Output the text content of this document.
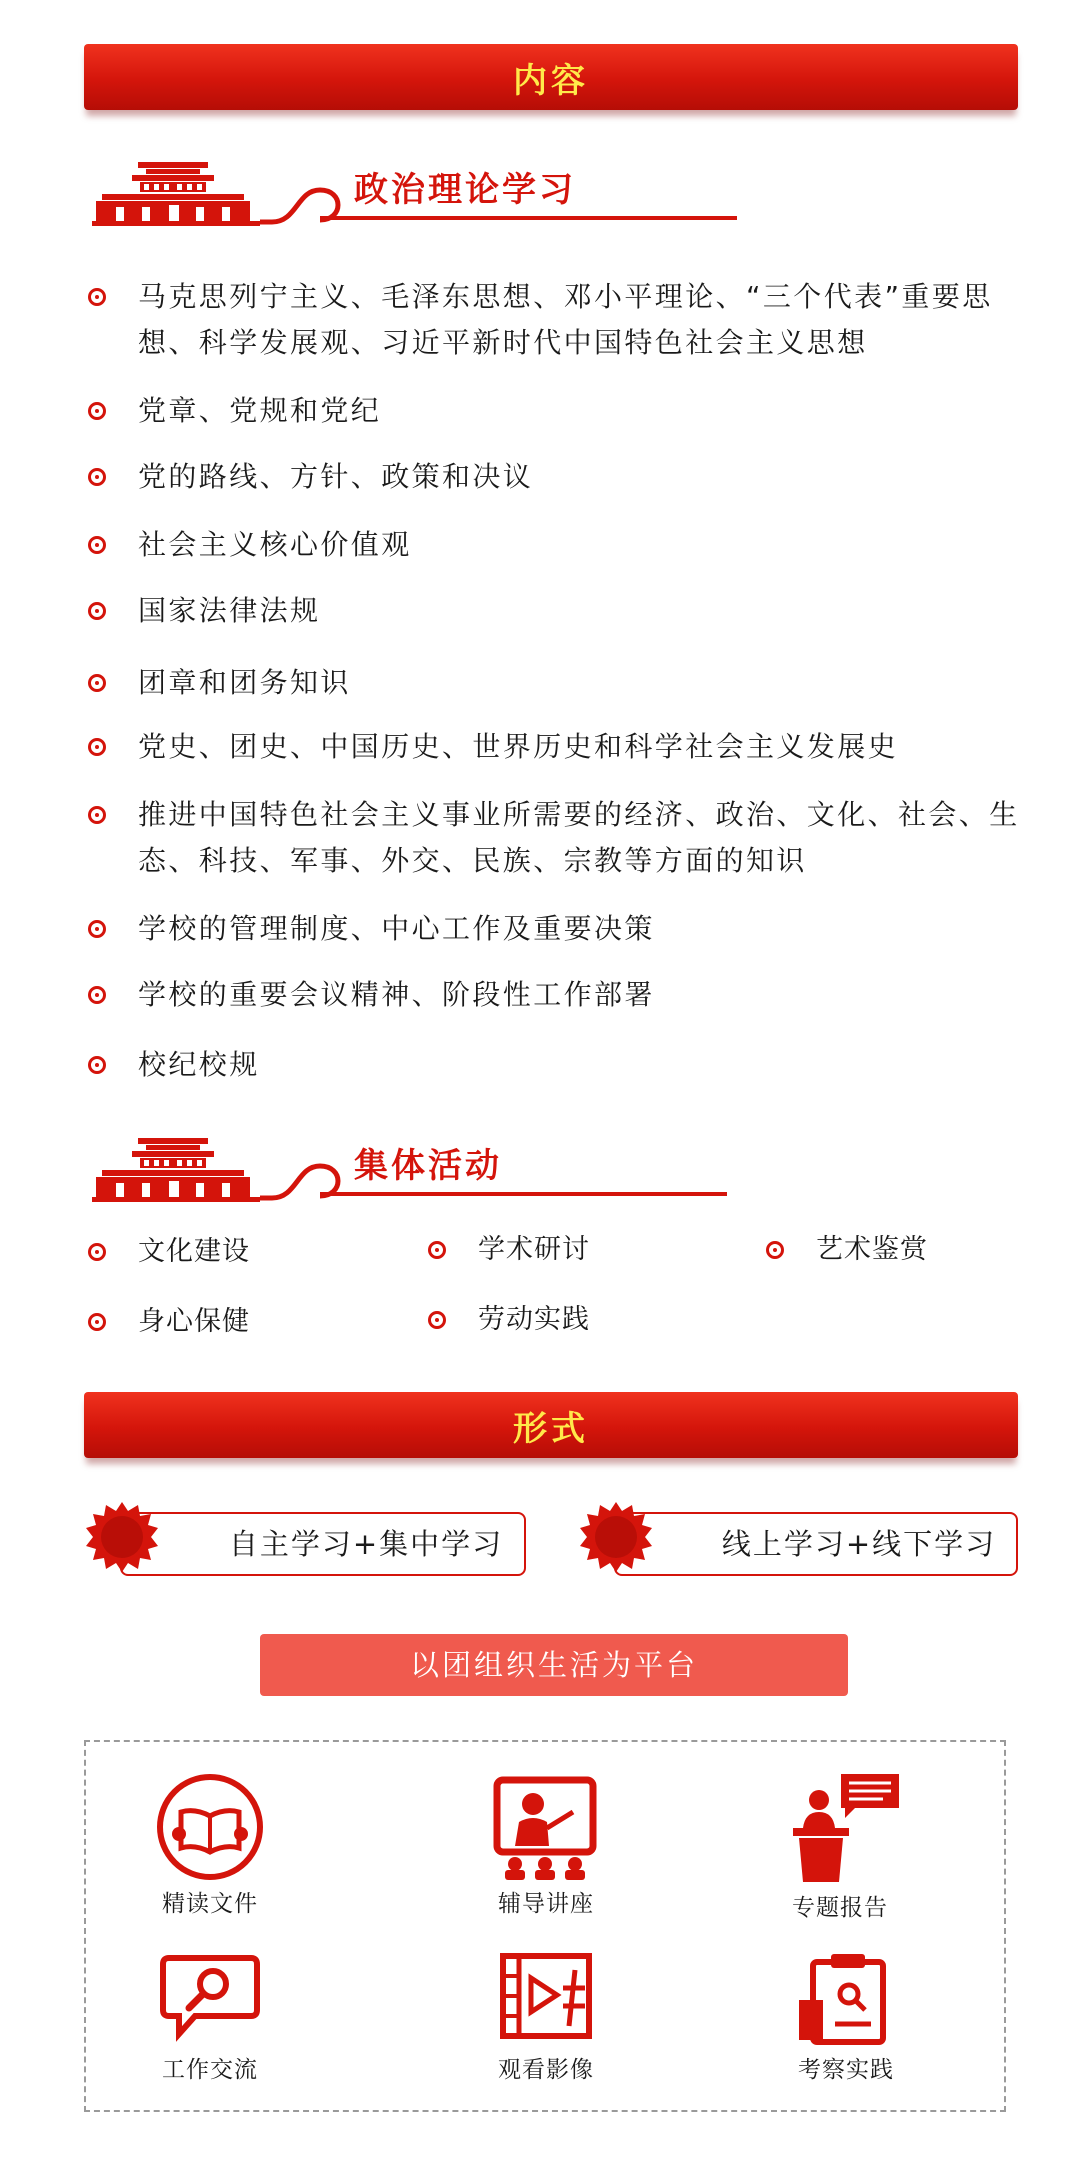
内容
政治理论学习
马克思列宁主义、毛泽东思想、邓小平理论、“三个代表”重要思想、科学发展观、习近平新时代中国特色社会主义思想
党章、党规和党纪
党的路线、方针、政策和决议
社会主义核心价值观
国家法律法规
团章和团务知识
党史、团史、中国历史、世界历史和科学社会主义发展史
推进中国特色社会主义事业所需要的经济、政治、文化、社会、生态、科技、军事、外交、民族、宗教等方面的知识
学校的管理制度、中心工作及重要决策
学校的重要会议精神、阶段性工作部署
校纪校规
集体活动
文化建设	学术研讨	艺术鉴赏
身心保健	劳动实践
形式
自主学习+集中学习	线上学习+线下学习
以团组织生活为平台
精读文件	辅导讲座	专题报告
工作交流	观看影像	考察实践
